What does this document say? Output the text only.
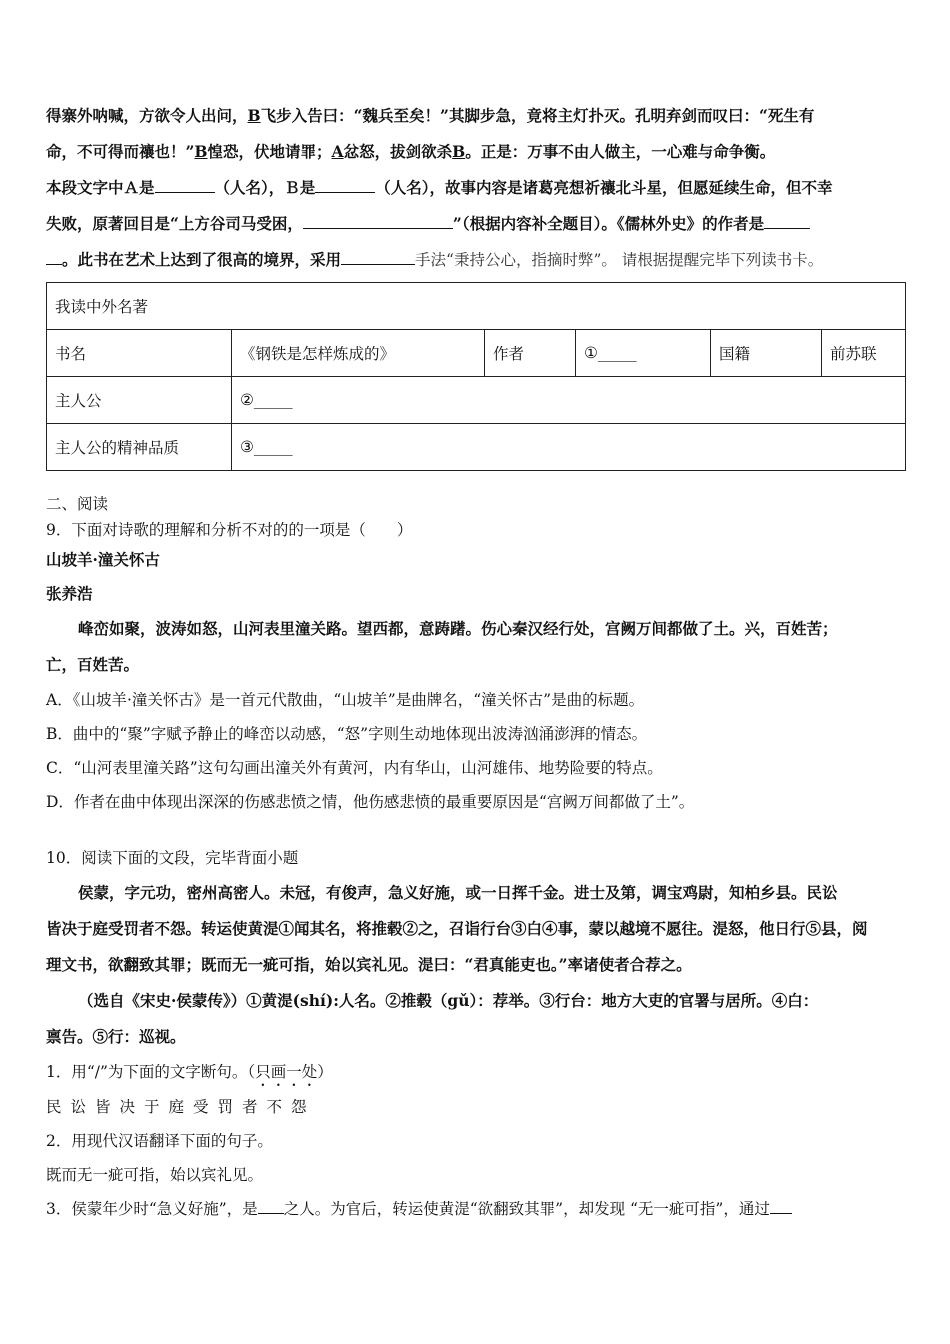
得寨外呐喊，方欲令人出问，B飞步入告曰：“魏兵至矣！”其脚步急，竟将主灯扑灭。孔明弃剑而叹曰：“死生有
命，不可得而禳也！”B惶恐，伏地请罪；A忿怒，拔剑欲杀B。正是：万事不由人做主，一心难与命争衡。
本段文字中Ａ是	（人名），Ｂ是	（人名），故事内容是诸葛亮想祈禳北斗星，但愿延续生命，但不幸
失败，原著回目是“上方谷司马受困，	”（根据内容补全题目）。《儒林外史》的作者是
。此书在艺术上达到了很高的境界，采用	手法“秉持公心，指摘时弊”。 请根据提醒完毕下列读书卡。
我读中外名著					
书名	《钢铁是怎样炼成的》	作者	①_____	国籍	前苏联
主人公	②_____				
主人公的精神品质	③_____				
二、阅读
9．下面对诗歌的理解和分析不对的的一项是（　　）
山坡羊·潼关怀古
张养浩
峰峦如聚，波涛如怒，山河表里潼关路。望西都，意踌躇。伤心秦汉经行处，宫阙万间都做了土。兴，百姓苦；
亡，百姓苦。
A．《山坡羊·潼关怀古》是一首元代散曲，“山坡羊”是曲牌名，“潼关怀古”是曲的标题。
B．曲中的“聚”字赋予静止的峰峦以动感，“怒”字则生动地体现出波涛汹涌澎湃的情态。
C．“山河表里潼关路”这句勾画出潼关外有黄河，内有华山，山河雄伟、地势险要的特点。
D．作者在曲中体现出深深的伤感悲愤之情，他伤感悲愤的最重要原因是“宫阙万间都做了土”。
10．阅读下面的文段，完毕背面小题
侯蒙，字元功，密州高密人。未冠，有俊声，急义好施，或一日挥千金。进士及第，调宝鸡尉，知柏乡县。民讼
皆决于庭受罚者不怨。转运使黄湜①闻其名，将推毂②之，召诣行台③白④事，蒙以越境不愿往。湜怒，他日行⑤县，阅
理文书，欲翻致其罪；既而无一疵可指，始以宾礼见。湜曰：“君真能吏也。”率诸使者合荐之。
（选自《宋史·侯蒙传》）①黄湜(shí):人名。②推毂（gǔ）：荐举。③行台：地方大吏的官署与居所。④白：
禀告。⑤行：巡视。
1．用“/”为下面的文字断句。（只画一处）
民讼皆决于庭受罚者不怨
2．用现代汉语翻译下面的句子。
既而无一疵可指，始以宾礼见。
3．侯蒙年少时“急义好施”，是 之人。为官后，转运使黄湜“欲翻致其罪”，却发现 “无一疵可指”，通过
